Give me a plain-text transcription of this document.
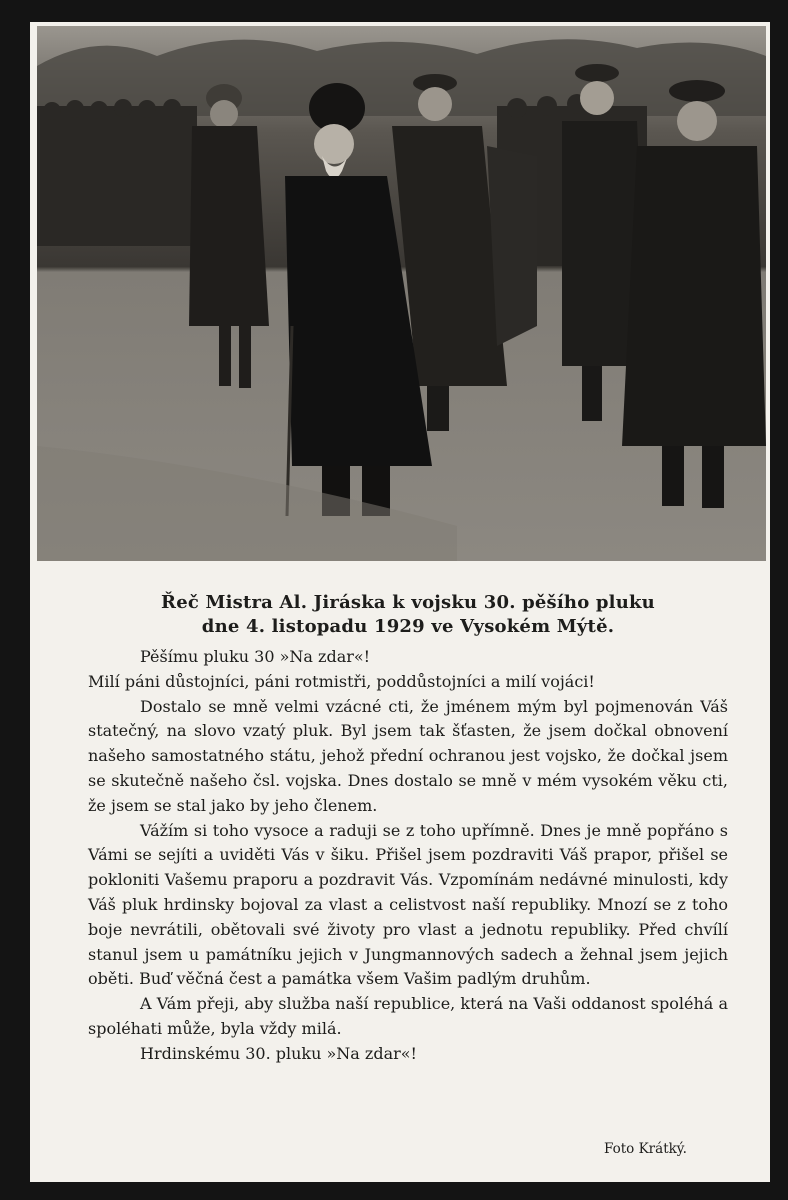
Řeč Mistra Al. Jiráska k vojsku 30. pěšího pluku
dne 4. listopadu 1929 ve Vysokém Mýtě.

Pěšímu pluku 30 »Na zdar«!

Milí páni důstojníci, páni rotmistři, poddůstojníci a milí vojáci!

Dostalo se mně velmi vzácné cti, že jménem mým byl pojmenován Váš statečný, na slovo vzatý pluk. Byl jsem tak šťasten, že jsem dočkal obnovení našeho samostatného státu, jehož přední ochranou jest vojsko, že dočkal jsem se skutečně našeho čsl. vojska. Dnes dostalo se mně v mém vysokém věku cti, že jsem se stal jako by jeho členem.

Vážím si toho vysoce a raduji se z toho upřímně. Dnes je mně popřáno s Vámi se sejíti a uviděti Vás v šiku. Přišel jsem pozdraviti Váš prapor, přišel se pokloniti Vašemu praporu a pozdravit Vás. Vzpomínám nedávné minulosti, kdy Váš pluk hrdinsky bojoval za vlast a celistvost naší republiky. Mnozí se z toho boje nevrátili, obětovali své životy pro vlast a jednotu republiky. Před chvílí stanul jsem u památníku jejich v Jungmannových sadech a žehnal jsem jejich oběti. Buď věčná čest a památka všem Vašim padlým druhům.

A Vám přeji, aby služba naší republice, která na Vaši oddanost spoléhá a spoléhati může, byla vždy milá.

Hrdinskému 30. pluku »Na zdar«!

Foto Krátký.
